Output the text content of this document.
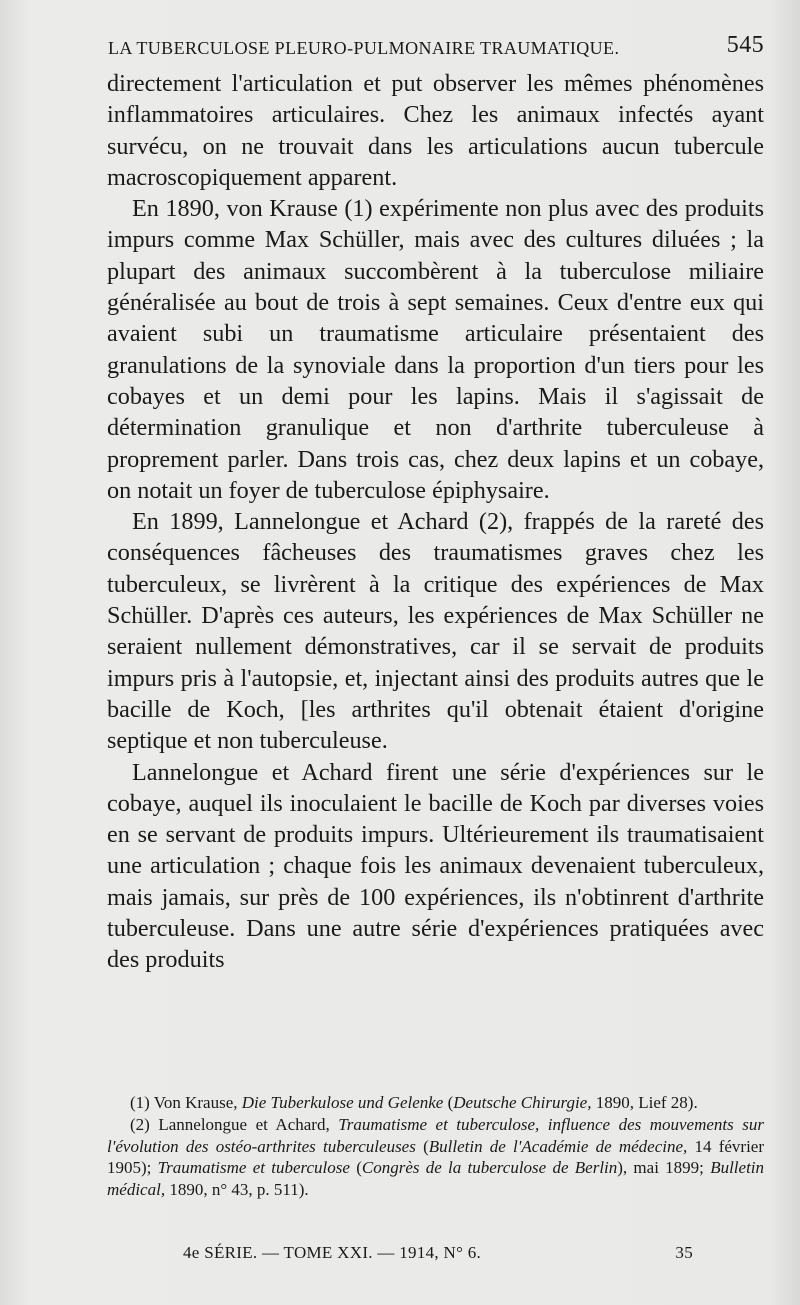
LA TUBERCULOSE PLEURO-PULMONAIRE TRAUMATIQUE.	545

directement l'articulation et put observer les mêmes phénomènes inflammatoires articulaires. Chez les animaux infectés ayant survécu, on ne trouvait dans les articulations aucun tubercule macroscopiquement apparent.

En 1890, von Krause (1) expérimente non plus avec des produits impurs comme Max Schüller, mais avec des cultures diluées ; la plupart des animaux succombèrent à la tuberculose miliaire généralisée au bout de trois à sept semaines. Ceux d'entre eux qui avaient subi un traumatisme articulaire présentaient des granulations de la synoviale dans la proportion d'un tiers pour les cobayes et un demi pour les lapins. Mais il s'agissait de détermination granulique et non d'arthrite tuberculeuse à proprement parler. Dans trois cas, chez deux lapins et un cobaye, on notait un foyer de tuberculose épiphysaire.

En 1899, Lannelongue et Achard (2), frappés de la rareté des conséquences fâcheuses des traumatismes graves chez les tuberculeux, se livrèrent à la critique des expériences de Max Schüller. D'après ces auteurs, les expériences de Max Schüller ne seraient nullement démonstratives, car il se servait de produits impurs pris à l'autopsie, et, injectant ainsi des produits autres que le bacille de Koch, [les arthrites qu'il obtenait étaient d'origine septique et non tuberculeuse.

Lannelongue et Achard firent une série d'expériences sur le cobaye, auquel ils inoculaient le bacille de Koch par diverses voies en se servant de produits impurs. Ultérieurement ils traumatisaient une articulation ; chaque fois les animaux devenaient tuberculeux, mais jamais, sur près de 100 expériences, ils n'obtinrent d'arthrite tuberculeuse. Dans une autre série d'expériences pratiquées avec des produits

(1) Von Krause, Die Tuberkulose und Gelenke (Deutsche Chirurgie, 1890, Lief 28).

(2) Lannelongue et Achard, Traumatisme et tuberculose, influence des mouvements sur l'évolution des ostéo-arthrites tuberculeuses (Bulletin de l'Académie de médecine, 14 février 1905); Traumatisme et tuberculose (Congrès de la tuberculose de Berlin), mai 1899; Bulletin médical, 1890, n° 43, p. 511).

4e SÉRIE. — TOME XXI. — 1914, N° 6.	35
